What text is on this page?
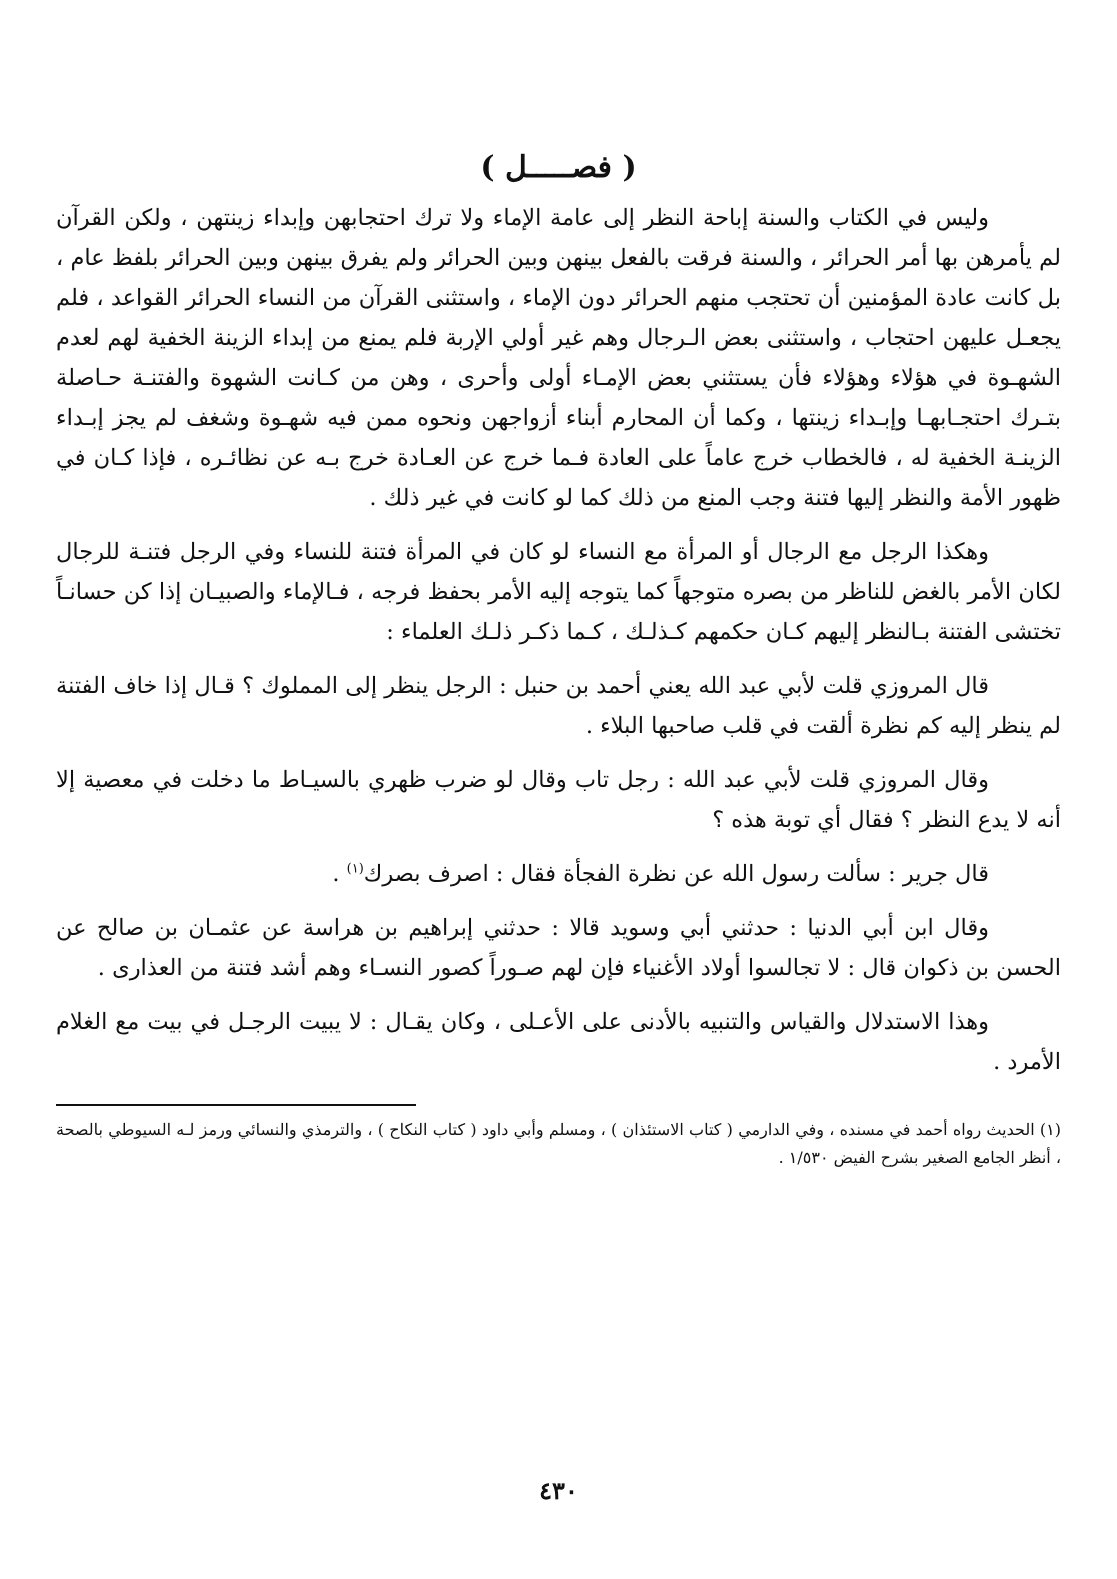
( فصـــــل )

وليس في الكتاب والسنة إباحة النظر إلى عامة الإماء ولا ترك احتجابهن وإبداء زينتهن ، ولكن القرآن لم يأمرهن بها أمر الحرائر ، والسنة فرقت بالفعل بينهن وبين الحرائر ولم يفرق بينهن وبين الحرائر بلفظ عام ، بل كانت عادة المؤمنين أن تحتجب منهم الحرائر دون الإماء ، واستثنى القرآن من النساء الحرائر القواعد ، فلم يجعـل عليهن احتجاب ، واستثنى بعض الـرجال وهم غير أولي الإربة فلم يمنع من إبداء الزينة الخفية لهم لعدم الشهـوة في هؤلاء وهؤلاء فأن يستثني بعض الإمـاء أولى وأحرى ، وهن من كـانت الشهوة والفتنـة حـاصلة بتـرك احتجـابهـا وإبـداء زينتها ، وكما أن المحارم أبناء أزواجهن ونحوه ممن فيه شهـوة وشغف لم يجز إبـداء الزينـة الخفية له ، فالخطاب خرج عاماً على العادة فـما خرج عن العـادة خرج بـه عن نظائـره ، فإذا كـان في ظهور الأمة والنظر إليها فتنة وجب المنع من ذلك كما لو كانت في غير ذلك .

وهكذا الرجل مع الرجال أو المرأة مع النساء لو كان في المرأة فتنة للنساء وفي الرجل فتنـة للرجال لكان الأمر بالغض للناظر من بصره متوجهاً كما يتوجه إليه الأمر بحفظ فرجه ، فـالإماء والصبيـان إذا كن حسانـاً تختشى الفتنة بـالنظر إليهم كـان حكمهم كـذلـك ، كـما ذكـر ذلـك العلماء :

قال المروزي قلت لأبي عبد الله يعني أحمد بن حنبل : الرجل ينظر إلى المملوك ؟ قـال إذا خاف الفتنة لم ينظر إليه كم نظرة ألقت في قلب صاحبها البلاء .

وقال المروزي قلت لأبي عبد الله : رجل تاب وقال لو ضرب ظهري بالسيـاط ما دخلت في معصية إلا أنه لا يدع النظر ؟ فقال أي توبة هذه ؟

قال جرير : سألت رسول الله عن نظرة الفجأة فقال : اصرف بصرك$^{(١)}$ .

وقال ابن أبي الدنيا : حدثني أبي وسويد قالا : حدثني إبراهيم بن هراسة عن عثمـان بن صالح عن الحسن بن ذكوان قال : لا تجالسوا أولاد الأغنياء فإن لهم صـوراً كصور النسـاء وهم أشد فتنة من العذارى .

وهذا الاستدلال والقياس والتنبيه بالأدنى على الأعـلى ، وكان يقـال : لا يبيت الرجـل في بيت مع الغلام الأمرد .

(١) الحديث رواه أحمد في مسنده ، وفي الدارمي ( كتاب الاستئذان ) ، ومسلم وأبي داود ( كتاب النكاح ) ، والترمذي والنسائي ورمز لـه السيوطي بالصحة ، أنظر الجامع الصغير بشرح الفيض ١/٥٣٠ .
٤٣٠
